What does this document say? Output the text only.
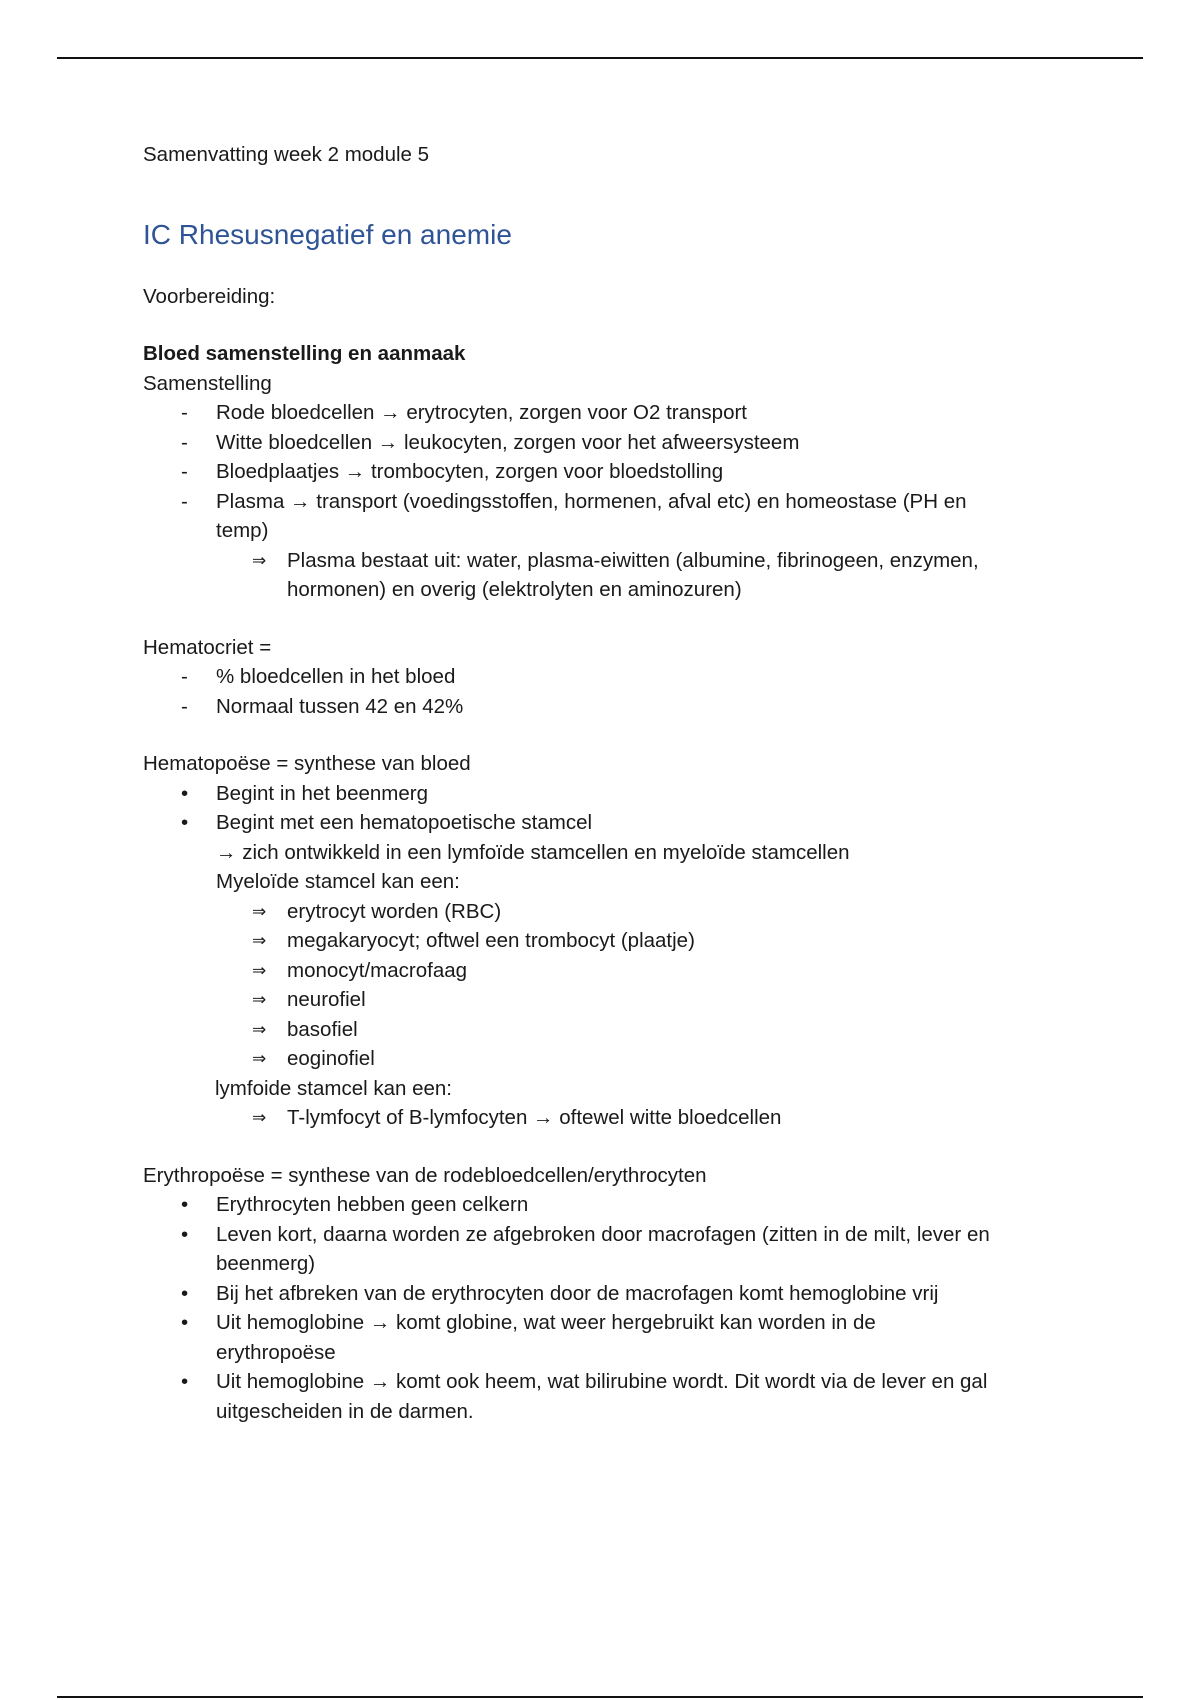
Samenvatting week 2 module 5
IC Rhesusnegatief en anemie
Voorbereiding:
Bloed samenstelling en aanmaak
Samenstelling
-	Rode bloedcellen → erytrocyten, zorgen voor O2 transport
-	Witte bloedcellen → leukocyten, zorgen voor het afweersysteem
-	Bloedplaatjes → trombocyten, zorgen voor bloedstolling
-	Plasma → transport (voedingsstoffen, hormenen, afval etc) en homeostase (PH en temp)
⇒ Plasma bestaat uit: water, plasma-eiwitten (albumine, fibrinogeen, enzymen, hormonen) en overig (elektrolyten en aminozuren)
Hematocriet =
-	% bloedcellen in het bloed
-	Normaal tussen 42 en 42%
Hematopoëse = synthese van bloed
•	Begint in het beenmerg
•	Begint met een hematopoetische stamcel
→ zich ontwikkeld in een lymfoïde stamcellen en myeloïde stamcellen
Myeloïde stamcel kan een:
⇒ erytrocyt worden (RBC)
⇒ megakaryocyt; oftwel een trombocyt (plaatje)
⇒ monocyt/macrofaag
⇒ neurofiel
⇒ basofiel
⇒ eoginofiel
lymfoide stamcel kan een:
⇒ T-lymfocyt of B-lymfocyten → oftewel witte bloedcellen
Erythropoëse = synthese van de rodebloedcellen/erythrocyten
•	Erythrocyten hebben geen celkern
•	Leven kort, daarna worden ze afgebroken door macrofagen (zitten in de milt, lever en beenmerg)
•	Bij het afbreken van de erythrocyten door de macrofagen komt hemoglobine vrij
•	Uit hemoglobine → komt globine, wat weer hergebruikt kan worden in de erythropoëse
•	Uit hemoglobine → komt ook heem, wat bilirubine wordt. Dit wordt via de lever en gal uitgescheiden in de darmen.
